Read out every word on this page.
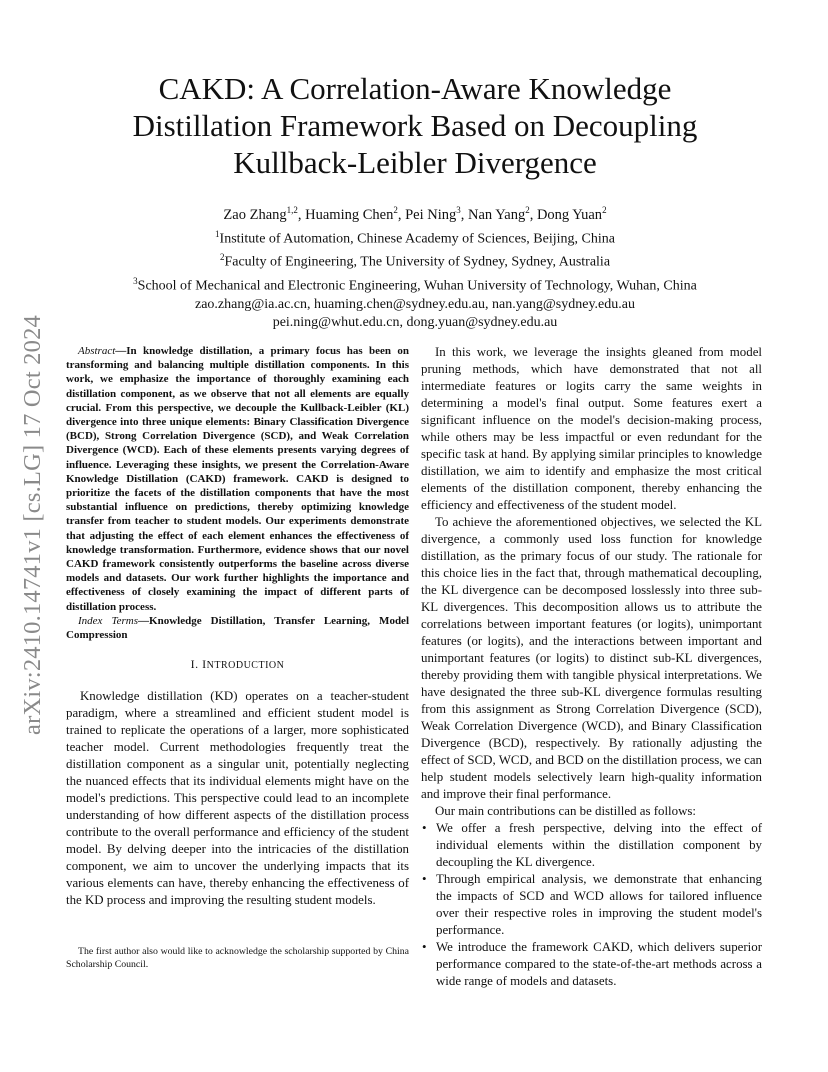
arXiv:2410.14741v1 [cs.LG] 17 Oct 2024
CAKD: A Correlation-Aware Knowledge Distillation Framework Based on Decoupling Kullback-Leibler Divergence
Zao Zhang$^{1,2}$, Huaming Chen$^2$, Pei Ning$^3$, Nan Yang$^2$, Dong Yuan$^2$
$^1$Institute of Automation, Chinese Academy of Sciences, Beijing, China
$^2$Faculty of Engineering, The University of Sydney, Sydney, Australia
$^3$School of Mechanical and Electronic Engineering, Wuhan University of Technology, Wuhan, China
zao.zhang@ia.ac.cn, huaming.chen@sydney.edu.au, nan.yang@sydney.edu.au
pei.ning@whut.edu.cn, dong.yuan@sydney.edu.au

Abstract—In knowledge distillation, a primary focus has been on transforming and balancing multiple distillation components. In this work, we emphasize the importance of thoroughly examining each distillation component, as we observe that not all elements are equally crucial. From this perspective, we decouple the Kullback-Leibler (KL) divergence into three unique elements: Binary Classification Divergence (BCD), Strong Correlation Divergence (SCD), and Weak Correlation Divergence (WCD). Each of these elements presents varying degrees of influence. Leveraging these insights, we present the Correlation-Aware Knowledge Distillation (CAKD) framework. CAKD is designed to prioritize the facets of the distillation components that have the most substantial influence on predictions, thereby optimizing knowledge transfer from teacher to student models. Our experiments demonstrate that adjusting the effect of each element enhances the effectiveness of knowledge transformation. Furthermore, evidence shows that our novel CAKD framework consistently outperforms the baseline across diverse models and datasets. Our work further highlights the importance and effectiveness of closely examining the impact of different parts of distillation process.

Index Terms—Knowledge Distillation, Transfer Learning, Model Compression

I. INTRODUCTION

Knowledge distillation (KD) operates on a teacher-student paradigm, where a streamlined and efficient student model is trained to replicate the operations of a larger, more sophisticated teacher model. Current methodologies frequently treat the distillation component as a singular unit, potentially neglecting the nuanced effects that its individual elements might have on the model's predictions. This perspective could lead to an incomplete understanding of how different aspects of the distillation process contribute to the overall performance and efficiency of the student model. By delving deeper into the intricacies of the distillation component, we aim to uncover the underlying impacts that its various elements can have, thereby enhancing the effectiveness of the KD process and improving the resulting student models.

The first author also would like to acknowledge the scholarship supported by China Scholarship Council.

In this work, we leverage the insights gleaned from model pruning methods, which have demonstrated that not all intermediate features or logits carry the same weights in determining a model's final output. Some features exert a significant influence on the model's decision-making process, while others may be less impactful or even redundant for the specific task at hand. By applying similar principles to knowledge distillation, we aim to identify and emphasize the most critical elements of the distillation component, thereby enhancing the efficiency and effectiveness of the student model.

To achieve the aforementioned objectives, we selected the KL divergence, a commonly used loss function for knowledge distillation, as the primary focus of our study. The rationale for this choice lies in the fact that, through mathematical decoupling, the KL divergence can be decomposed losslessly into three sub-KL divergences. This decomposition allows us to attribute the correlations between important features (or logits), unimportant features (or logits), and the interactions between important and unimportant features (or logits) to distinct sub-KL divergences, thereby providing them with tangible physical interpretations. We have designated the three sub-KL divergence formulas resulting from this assignment as Strong Correlation Divergence (SCD), Weak Correlation Divergence (WCD), and Binary Classification Divergence (BCD), respectively. By rationally adjusting the effect of SCD, WCD, and BCD on the distillation process, we can help student models selectively learn high-quality information and improve their final performance.

Our main contributions can be distilled as follows:

• We offer a fresh perspective, delving into the effect of individual elements within the distillation component by decoupling the KL divergence.
• Through empirical analysis, we demonstrate that enhancing the impacts of SCD and WCD allows for tailored influence over their respective roles in improving the student model's performance.
• We introduce the framework CAKD, which delivers superior performance compared to the state-of-the-art methods across a wide range of models and datasets.
